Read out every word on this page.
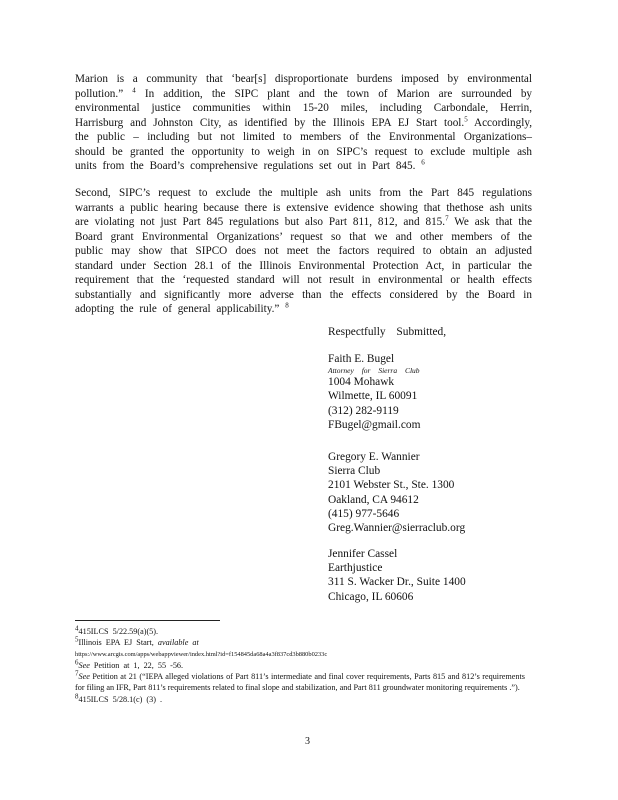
Marion is a community that ‘bear[s] disproportionate burdens imposed by environmental pollution.” $^4$ In addition, the SIPC plant and the town of Marion are surrounded by environmental justice communities within 15-20 miles, including Carbondale, Herrin, Harrisburg and Johnston City, as identified by the Illinois EPA EJ Start tool.$^5$ Accordingly, the public – including but not limited to members of the Environmental Organizations– should be granted the opportunity to weigh in on SIPC’s request to exclude multiple ash units from the Board’s comprehensive regulations set out in Part 845. $^6$
Second, SIPC’s request to exclude the multiple ash units from the Part 845 regulations warrants a public hearing because there is extensive evidence showing that thethose ash units are violating not just Part 845 regulations but also Part 811, 812, and 815.$^7$ We ask that the Board grant Environmental Organizations’ request so that we and other members of the public may show that SIPCO does not meet the factors required to obtain an adjusted standard under Section 28.1 of the Illinois Environmental Protection Act, in particular the requirement that the ‘requested standard will not result in environmental or health effects substantially and significantly more adverse than the effects considered by the Board in adopting the rule of general applicability.” $^8$
Respectfully Submitted,
Faith E. Bugel
Attorney for Sierra Club
1004 Mohawk
Wilmette, IL 60091
(312) 282-9119
FBugel@gmail.com
Gregory E. Wannier
Sierra Club
2101 Webster St., Ste. 1300
Oakland, CA 94612
(415) 977-5646
Greg.Wannier@sierraclub.org
Jennifer Cassel
Earthjustice
311 S. Wacker Dr., Suite 1400
Chicago, IL 60606
$^4$415ILCS 5/22.59(a)(5).
$^5$Illinois EPA EJ Start, available at
https://www.arcgis.com/apps/webappviewer/index.html?id=f154845da68a4a3f837cd3b880b0233c
$^6$See Petition at 1, 22, 55 -56.
$^7$See Petition at 21 (“IEPA alleged violations of Part 811’s intermediate and final cover requirements, Parts 815 and 812’s requirements for filing an IFR, Part 811’s requirements related to final slope and stabilization, and Part 811 groundwater monitoring requirements .”).
$^8$415ILCS 5/28.1(c) (3) .
3
